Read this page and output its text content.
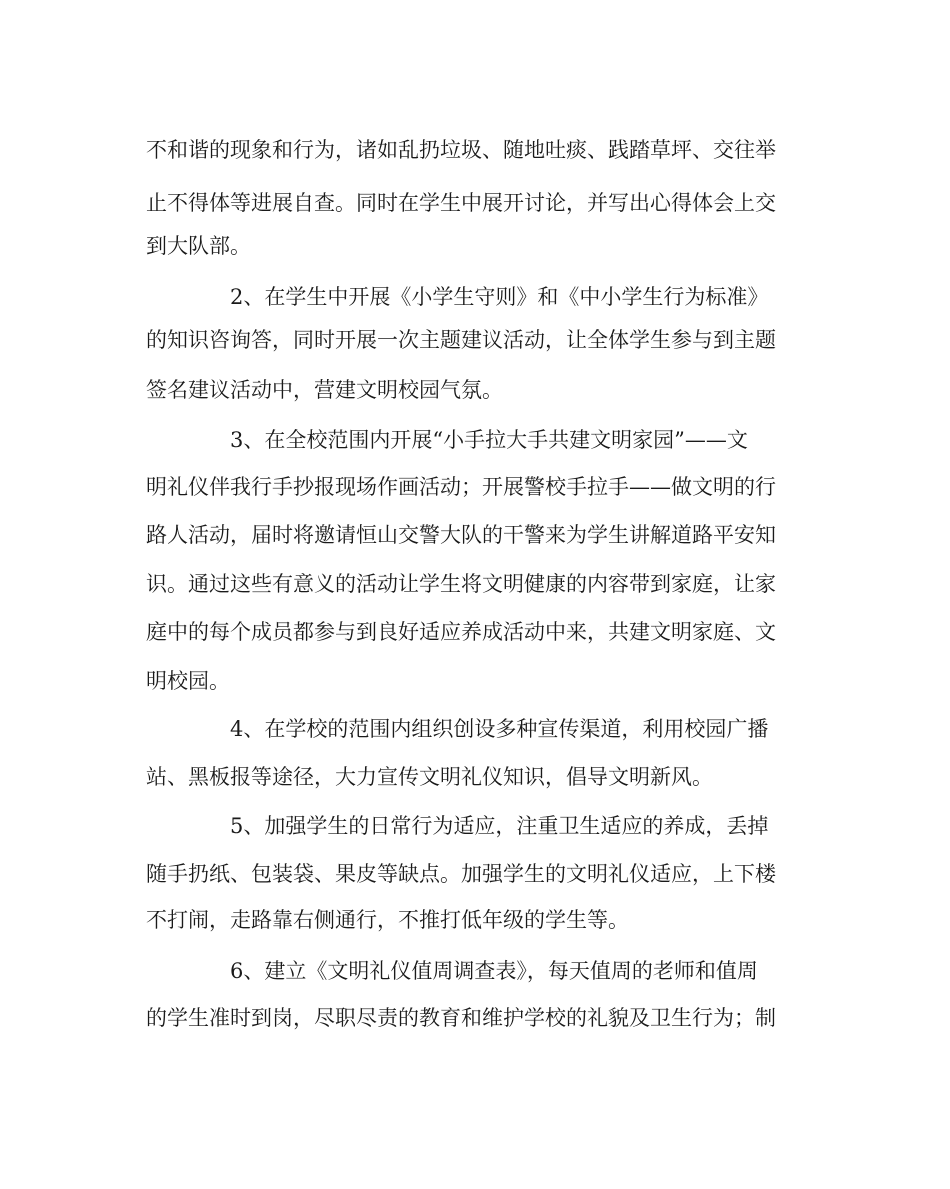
不和谐的现象和行为，诸如乱扔垃圾、随地吐痰、践踏草坪、交往举
止不得体等进展自查。同时在学生中展开讨论，并写出心得体会上交
到大队部。
2、在学生中开展《小学生守则》和《中小学生行为标准》
的知识咨询答，同时开展一次主题建议活动，让全体学生参与到主题
签名建议活动中，营建文明校园气氛。
3、在全校范围内开展“小手拉大手共建文明家园”——文
明礼仪伴我行手抄报现场作画活动；开展警校手拉手——做文明的行
路人活动，届时将邀请恒山交警大队的干警来为学生讲解道路平安知
识。通过这些有意义的活动让学生将文明健康的内容带到家庭，让家
庭中的每个成员都参与到良好适应养成活动中来，共建文明家庭、文
明校园。
4、在学校的范围内组织创设多种宣传渠道，利用校园广播
站、黑板报等途径，大力宣传文明礼仪知识，倡导文明新风。
5、加强学生的日常行为适应，注重卫生适应的养成，丢掉
随手扔纸、包装袋、果皮等缺点。加强学生的文明礼仪适应，上下楼
不打闹，走路靠右侧通行，不推打低年级的学生等。
6、建立《文明礼仪值周调查表》，每天值周的老师和值周
的学生准时到岗，尽职尽责的教育和维护学校的礼貌及卫生行为；制
